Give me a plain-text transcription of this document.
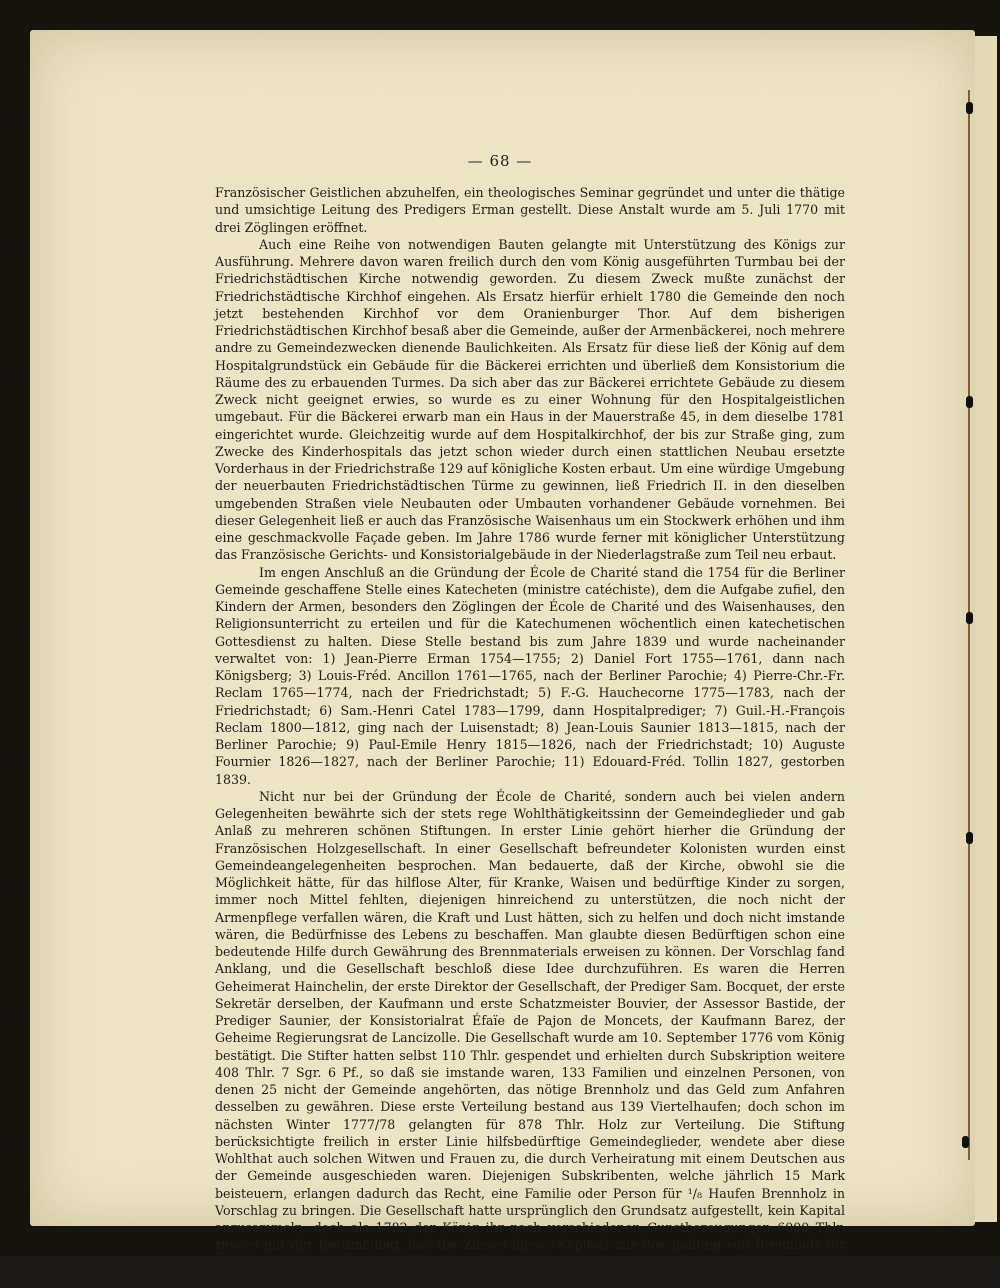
— 68 —

Französischer Geistlichen abzuhelfen, ein theologisches Seminar gegründet und unter die thätige und umsichtige Leitung des Predigers Erman gestellt. Diese Anstalt wurde am 5. Juli 1770 mit drei Zöglingen eröffnet.

Auch eine Reihe von notwendigen Bauten gelangte mit Unterstützung des Königs zur Ausführung. Mehrere davon waren freilich durch den vom König ausgeführten Turmbau bei der Friedrichstädtischen Kirche notwendig geworden. Zu diesem Zweck mußte zunächst der Friedrichstädtische Kirchhof eingehen. Als Ersatz hierfür erhielt 1780 die Gemeinde den noch jetzt bestehenden Kirchhof vor dem Oranienburger Thor. Auf dem bisherigen Friedrichstädtischen Kirchhof besaß aber die Gemeinde, außer der Armenbäckerei, noch mehrere andre zu Gemeindezwecken dienende Baulichkeiten. Als Ersatz für diese ließ der König auf dem Hospitalgrundstück ein Gebäude für die Bäckerei errichten und überließ dem Konsistorium die Räume des zu erbauenden Turmes. Da sich aber das zur Bäckerei errichtete Gebäude zu diesem Zweck nicht geeignet erwies, so wurde es zu einer Wohnung für den Hospitalgeistlichen umgebaut. Für die Bäckerei erwarb man ein Haus in der Mauerstraße 45, in dem dieselbe 1781 eingerichtet wurde. Gleichzeitig wurde auf dem Hospitalkirchhof, der bis zur Straße ging, zum Zwecke des Kinderhospitals das jetzt schon wieder durch einen stattlichen Neubau ersetzte Vorderhaus in der Friedrichstraße 129 auf königliche Kosten erbaut. Um eine würdige Umgebung der neuerbauten Friedrichstädtischen Türme zu gewinnen, ließ Friedrich II. in den dieselben umgebenden Straßen viele Neubauten oder Umbauten vorhandener Gebäude vornehmen. Bei dieser Gelegenheit ließ er auch das Französische Waisenhaus um ein Stockwerk erhöhen und ihm eine geschmackvolle Façade geben. Im Jahre 1786 wurde ferner mit königlicher Unterstützung das Französische Gerichts- und Konsistorialgebäude in der Niederlagstraße zum Teil neu erbaut.

Im engen Anschluß an die Gründung der École de Charité stand die 1754 für die Berliner Gemeinde geschaffene Stelle eines Katecheten (ministre catéchiste), dem die Aufgabe zufiel, den Kindern der Armen, besonders den Zöglingen der École de Charité und des Waisenhauses, den Religionsunterricht zu erteilen und für die Katechumenen wöchentlich einen katechetischen Gottesdienst zu halten. Diese Stelle bestand bis zum Jahre 1839 und wurde nacheinander verwaltet von: 1) Jean-Pierre Erman 1754—1755; 2) Daniel Fort 1755—1761, dann nach Königsberg; 3) Louis-Fréd. Ancillon 1761—1765, nach der Berliner Parochie; 4) Pierre-Chr.-Fr. Reclam 1765—1774, nach der Friedrichstadt; 5) F.-G. Hauchecorne 1775—1783, nach der Friedrichstadt; 6) Sam.-Henri Catel 1783—1799, dann Hospitalprediger; 7) Guil.-H.-François Reclam 1800—1812, ging nach der Luisenstadt; 8) Jean-Louis Saunier 1813—1815, nach der Berliner Parochie; 9) Paul-Emile Henry 1815—1826, nach der Friedrichstadt; 10) Auguste Fournier 1826—1827, nach der Berliner Parochie; 11) Edouard-Fréd. Tollin 1827, gestorben 1839.

Nicht nur bei der Gründung der École de Charité, sondern auch bei vielen andern Gelegenheiten bewährte sich der stets rege Wohlthätigkeitssinn der Gemeindeglieder und gab Anlaß zu mehreren schönen Stiftungen. In erster Linie gehört hierher die Gründung der Französischen Holzgesellschaft. In einer Gesellschaft befreundeter Kolonisten wurden einst Gemeindeangelegenheiten besprochen. Man bedauerte, daß der Kirche, obwohl sie die Möglichkeit hätte, für das hilflose Alter, für Kranke, Waisen und bedürftige Kinder zu sorgen, immer noch Mittel fehlten, diejenigen hinreichend zu unterstützen, die noch nicht der Armenpflege verfallen wären, die Kraft und Lust hätten, sich zu helfen und doch nicht imstande wären, die Bedürfnisse des Lebens zu beschaffen. Man glaubte diesen Bedürftigen schon eine bedeutende Hilfe durch Gewährung des Brennmaterials erweisen zu können. Der Vorschlag fand Anklang, und die Gesellschaft beschloß diese Idee durchzuführen. Es waren die Herren Geheimerat Hainchelin, der erste Direktor der Gesellschaft, der Prediger Sam. Bocquet, der erste Sekretär derselben, der Kaufmann und erste Schatzmeister Bouvier, der Assessor Bastide, der Prediger Saunier, der Konsistorialrat Éfaïe de Pajon de Moncets, der Kaufmann Barez, der Geheime Regierungsrat de Lancizolle. Die Gesellschaft wurde am 10. September 1776 vom König bestätigt. Die Stifter hatten selbst 110 Thlr. gespendet und erhielten durch Subskription weitere 408 Thlr. 7 Sgr. 6 Pf., so daß sie imstande waren, 133 Familien und einzelnen Personen, von denen 25 nicht der Gemeinde angehörten, das nötige Brennholz und das Geld zum Anfahren desselben zu gewähren. Diese erste Verteilung bestand aus 139 Viertelhaufen; doch schon im nächsten Winter 1777/78 gelangten für 878 Thlr. Holz zur Verteilung. Die Stiftung berücksichtigte freilich in erster Linie hilfsbedürftige Gemeindeglieder, wendete aber diese Wohlthat auch solchen Witwen und Frauen zu, die durch Verheiratung mit einem Deutschen aus der Gemeinde ausgeschieden waren. Diejenigen Subskribenten, welche jährlich 15 Mark beisteuern, erlangen dadurch das Recht, eine Familie oder Person für ¹/₈ Haufen Brennholz in Vorschlag zu bringen. Die Gesellschaft hatte ursprünglich den Grundsatz aufgestellt, kein Kapital anzusammeln; doch als 1782 der König ihr nach verschiedenen Gunstbezeugungen 6000 Thlr. zuwies mit der Bestimmung, daß die Zinsen dieses Kapitals zur Beschaffung von Brennholz für Arme verwendet werden sollten, da mußte dieser Grundsatz aufgegeben werden. Man traf 1783 mit dem Kon-
